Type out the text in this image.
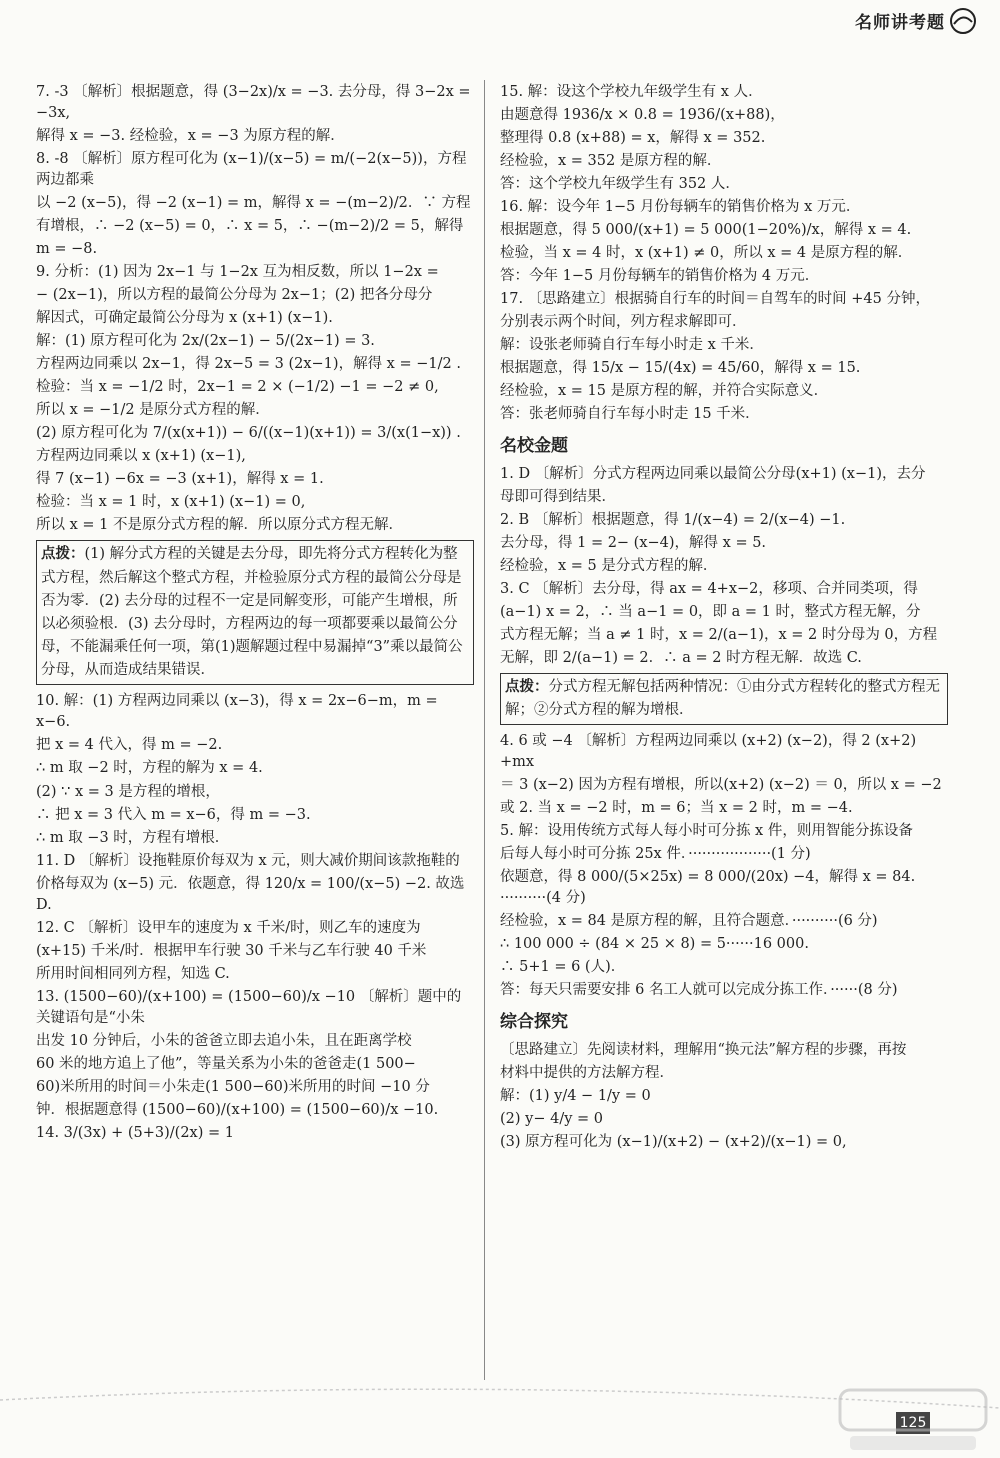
名师讲考题

7. -3 〔解析〕根据题意，得 (3−2x)/x = −3. 去分母，得 3−2x = −3x,

解得 x = −3. 经检验，x = −3 为原方程的解．

8. -8 〔解析〕原方程可化为 (x−1)/(x−5) = m/(−2(x−5))，方程两边都乘

以 −2 (x−5)，得 −2 (x−1) = m，解得 x = −(m−2)/2．∵ 方程

有增根，∴ −2 (x−5) = 0，∴ x = 5，∴ −(m−2)/2 = 5，解得

m = −8.

9. 分析：(1) 因为 2x−1 与 1−2x 互为相反数，所以 1−2x =

− (2x−1)，所以方程的最简公分母为 2x−1；(2) 把各分母分

解因式，可确定最简公分母为 x (x+1) (x−1).

解：(1) 原方程可化为 2x/(2x−1) − 5/(2x−1) = 3.

方程两边同乘以 2x−1，得 2x−5 = 3 (2x−1)，解得 x = −1/2 .

检验：当 x = −1/2 时，2x−1 = 2 × (−1/2) −1 = −2 ≠ 0,

所以 x = −1/2 是原分式方程的解．

(2) 原方程可化为 7/(x(x+1)) − 6/((x−1)(x+1)) = 3/(x(1−x)) .

方程两边同乘以 x (x+1) (x−1),

得 7 (x−1) −6x = −3 (x+1)，解得 x = 1.

检验：当 x = 1 时，x (x+1) (x−1) = 0,

所以 x = 1 不是原分式方程的解．所以原分式方程无解．

点拨：(1) 解分式方程的关键是去分母，即先将分式方程转化为整式方程，然后解这个整式方程，并检验原分式方程的最简公分母是否为零．(2) 去分母的过程不一定是同解变形，可能产生增根，所以必须验根．(3) 去分母时，方程两边的每一项都要乘以最简公分母，不能漏乘任何一项，第(1)题解题过程中易漏掉“3”乘以最简公分母，从而造成结果错误．

10. 解：(1) 方程两边同乘以 (x−3)，得 x = 2x−6−m，m = x−6.

把 x = 4 代入，得 m = −2.

∴ m 取 −2 时，方程的解为 x = 4.

(2) ∵ x = 3 是方程的增根，

∴ 把 x = 3 代入 m = x−6，得 m = −3.

∴ m 取 −3 时，方程有增根．

11. D 〔解析〕设拖鞋原价每双为 x 元，则大减价期间该款拖鞋的

价格每双为 (x−5) 元．依题意，得 120/x = 100/(x−5) −2. 故选 D.

12. C 〔解析〕设甲车的速度为 x 千米/时，则乙车的速度为

(x+15) 千米/时．根据甲车行驶 30 千米与乙车行驶 40 千米

所用时间相同列方程，知选 C.

13. (1500−60)/(x+100) = (1500−60)/x −10 〔解析〕题中的关键语句是“小朱

出发 10 分钟后，小朱的爸爸立即去追小朱，且在距离学校

60 米的地方追上了他”，等量关系为小朱的爸爸走(1 500−

60)米所用的时间＝小朱走(1 500−60)米所用的时间 −10 分

钟．根据题意得 (1500−60)/(x+100) = (1500−60)/x −10.

14. 3/(3x) + (5+3)/(2x) = 1

15. 解：设这个学校九年级学生有 x 人．

由题意得 1936/x × 0.8 = 1936/(x+88)，

整理得 0.8 (x+88) = x，解得 x = 352.

经检验，x = 352 是原方程的解．

答：这个学校九年级学生有 352 人．

16. 解：设今年 1−5 月份每辆车的销售价格为 x 万元．

根据题意，得 5 000/(x+1) = 5 000(1−20%)/x，解得 x = 4.

检验，当 x = 4 时，x (x+1) ≠ 0，所以 x = 4 是原方程的解．

答：今年 1−5 月份每辆车的销售价格为 4 万元．

17. 〔思路建立〕根据骑自行车的时间＝自驾车的时间 +45 分钟，

分别表示两个时间，列方程求解即可．

解：设张老师骑自行车每小时走 x 千米．

根据题意，得 15/x − 15/(4x) = 45/60，解得 x = 15.

经检验，x = 15 是原方程的解，并符合实际意义．

答：张老师骑自行车每小时走 15 千米．

名校金题

1. D 〔解析〕分式方程两边同乘以最简公分母(x+1) (x−1)，去分

母即可得到结果．

2. B 〔解析〕根据题意，得 1/(x−4) = 2/(x−4) −1.

去分母，得 1 = 2− (x−4)，解得 x = 5.

经检验，x = 5 是分式方程的解．

3. C 〔解析〕去分母，得 ax = 4+x−2，移项、合并同类项，得

(a−1) x = 2，∴ 当 a−1 = 0，即 a = 1 时，整式方程无解，分

式方程无解；当 a ≠ 1 时，x = 2/(a−1)，x = 2 时分母为 0，方程

无解，即 2/(a−1) = 2．∴ a = 2 时方程无解．故选 C.

点拨：分式方程无解包括两种情况：①由分式方程转化的整式方程无解；②分式方程的解为增根．

4. 6 或 −4 〔解析〕方程两边同乘以 (x+2) (x−2)，得 2 (x+2) +mx

＝ 3 (x−2) 因为方程有增根，所以(x+2) (x−2) ＝ 0，所以 x = −2

或 2. 当 x = −2 时，m = 6；当 x = 2 时，m = −4.

5. 解：设用传统方式每人每小时可分拣 x 件，则用智能分拣设备

后每人每小时可分拣 25x 件．··················(1 分)

依题意，得 8 000/(5×25x) = 8 000/(20x) −4，解得 x = 84. ··········(4 分)

经检验，x = 84 是原方程的解，且符合题意．··········(6 分)

∴ 100 000 ÷ (84 × 25 × 8) = 5······16 000.

∴ 5+1 = 6 (人)．

答：每天只需要安排 6 名工人就可以完成分拣工作．······(8 分)

综合探究

〔思路建立〕先阅读材料，理解用“换元法”解方程的步骤，再按

材料中提供的方法解方程．

解：(1) y/4 − 1/y = 0

(2) y− 4/y = 0

(3) 原方程可化为 (x−1)/(x+2) − (x+2)/(x−1) = 0,

125
